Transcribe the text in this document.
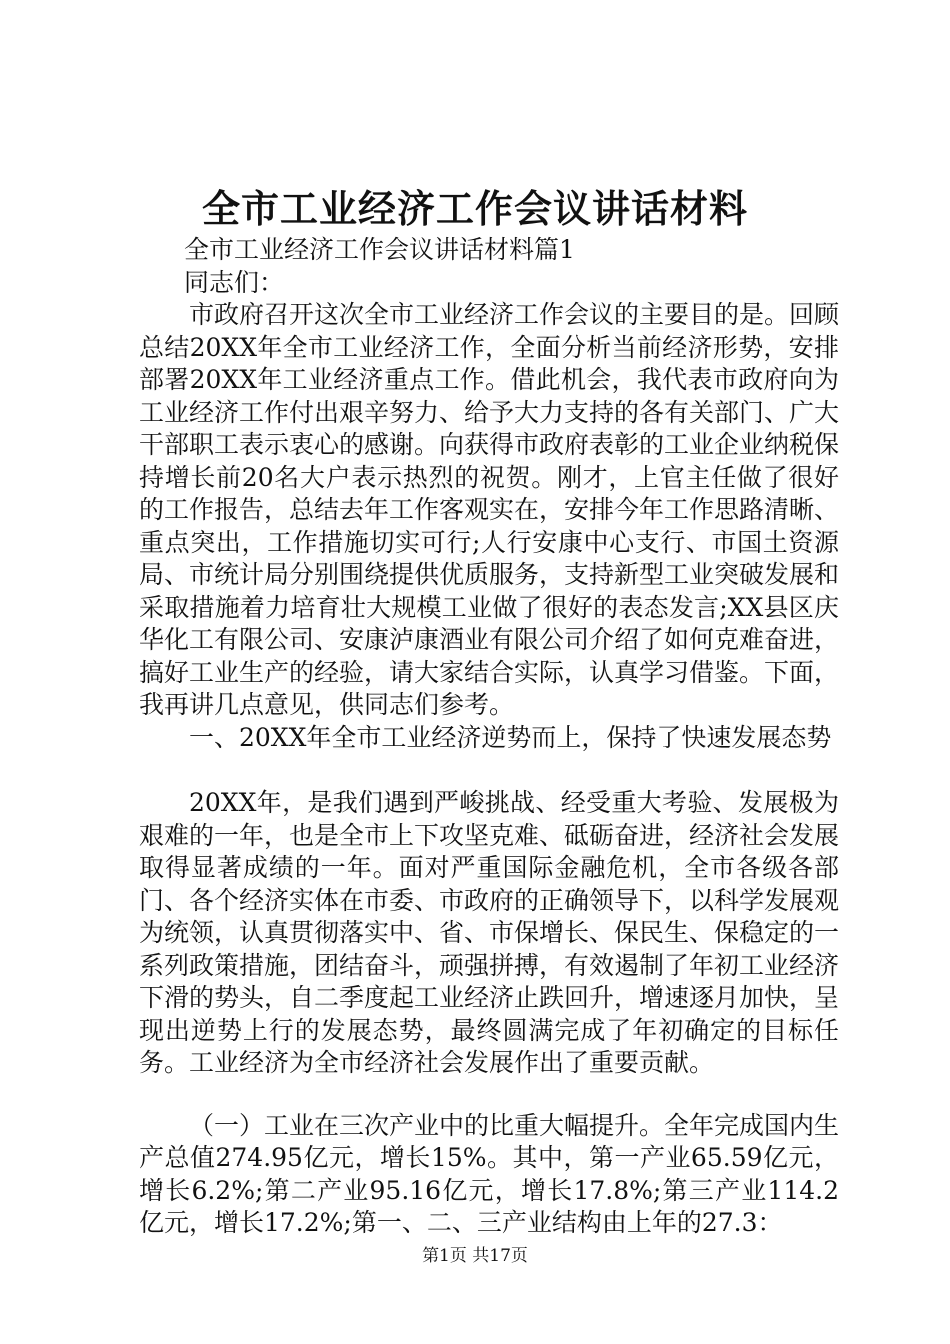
全市工业经济工作会议讲话材料

全市工业经济工作会议讲话材料篇1

同志们：

市政府召开这次全市工业经济工作会议的主要目的是。回顾总结20XX年全市工业经济工作，全面分析当前经济形势，安排部署20XX年工业经济重点工作。借此机会，我代表市政府向为工业经济工作付出艰辛努力、给予大力支持的各有关部门、广大干部职工表示衷心的感谢。向获得市政府表彰的工业企业纳税保持增长前20名大户表示热烈的祝贺。刚才，上官主任做了很好的工作报告，总结去年工作客观实在，安排今年工作思路清晰、重点突出，工作措施切实可行;人行安康中心支行、市国土资源局、市统计局分别围绕提供优质服务，支持新型工业突破发展和采取措施着力培育壮大规模工业做了很好的表态发言;XX县区庆华化工有限公司、安康泸康酒业有限公司介绍了如何克难奋进，搞好工业生产的经验，请大家结合实际，认真学习借鉴。下面，我再讲几点意见，供同志们参考。

一、20XX年全市工业经济逆势而上，保持了快速发展态势

20XX年，是我们遇到严峻挑战、经受重大考验、发展极为艰难的一年，也是全市上下攻坚克难、砥砺奋进，经济社会发展取得显著成绩的一年。面对严重国际金融危机，全市各级各部门、各个经济实体在市委、市政府的正确领导下，以科学发展观为统领，认真贯彻落实中、省、市保增长、保民生、保稳定的一系列政策措施，团结奋斗，顽强拼搏，有效遏制了年初工业经济下滑的势头，自二季度起工业经济止跌回升，增速逐月加快，呈现出逆势上行的发展态势，最终圆满完成了年初确定的目标任务。工业经济为全市经济社会发展作出了重要贡献。

（一）工业在三次产业中的比重大幅提升。全年完成国内生产总值274.95亿元，增长15%。其中，第一产业65.59亿元，增长6.2%;第二产业95.16亿元，增长17.8%;第三产业114.2亿元，增长17.2%;第一、二、三产业结构由上年的27.3：

第1页 共17页
